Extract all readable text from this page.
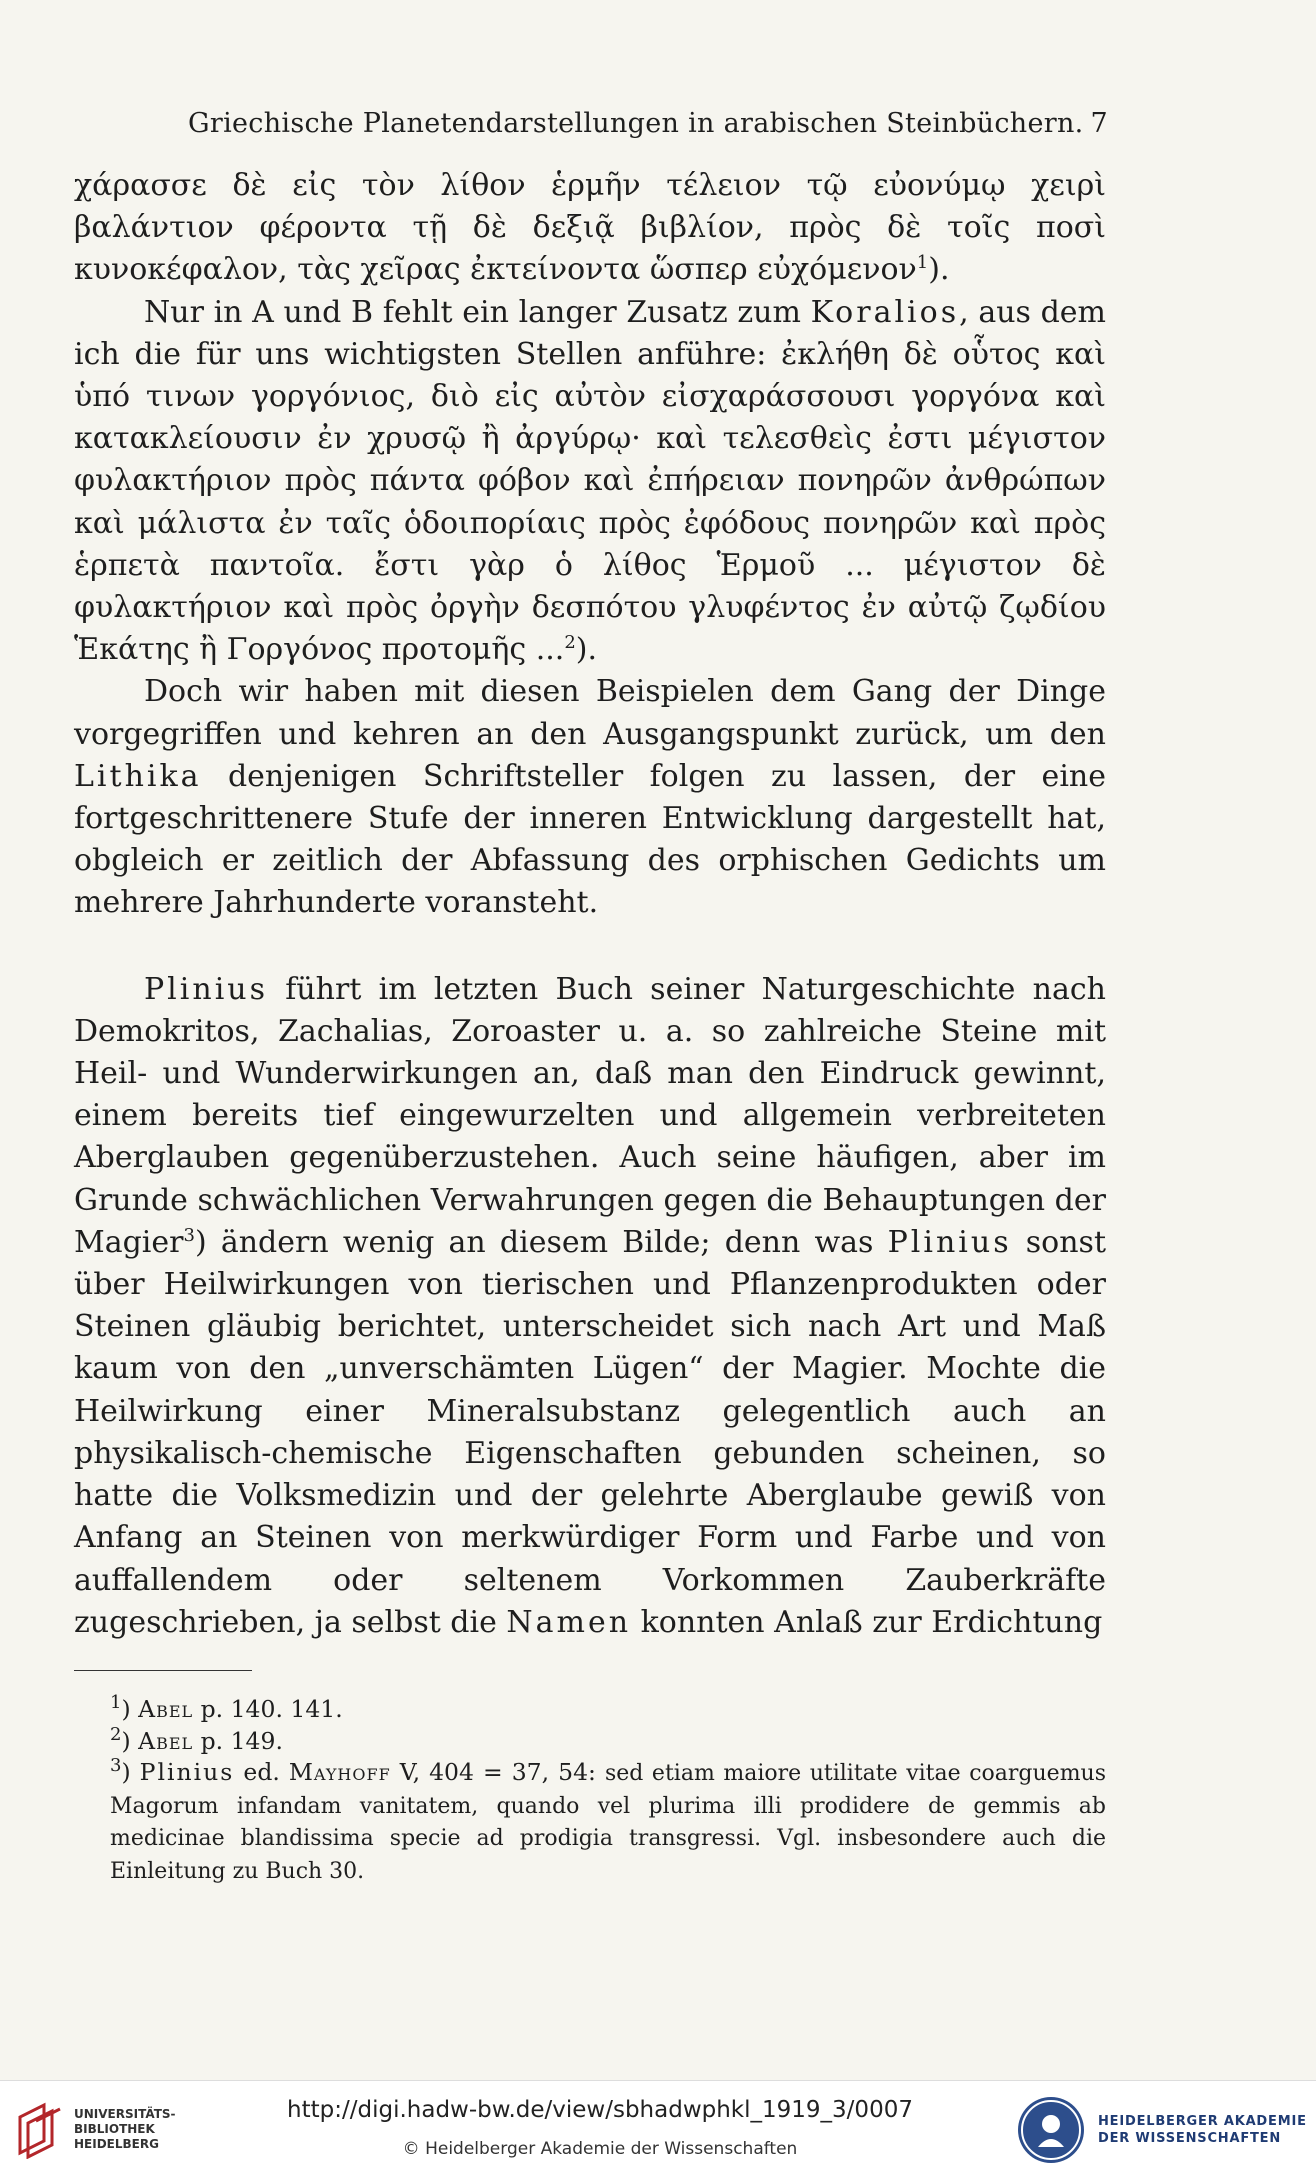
Griechische Planetendarstellungen in arabischen Steinbüchern. 7

χάρασσε δὲ εἰς τὸν λίθον ἑρμῆν τέλειον τῷ εὐονύμῳ χειρὶ βαλάντιον φέροντα τῇ δὲ δεξιᾷ βιβλίον, πρὸς δὲ τοῖς ποσὶ κυνοκέφαλον, τὰς χεῖρας ἐκτείνοντα ὥσπερ εὐχόμενον$^1$).

Nur in A und B fehlt ein langer Zusatz zum Koralios, aus dem ich die für uns wichtigsten Stellen anführe: ἐκλήθη δὲ οὗτος καὶ ὑπό τινων γοργόνιος, διὸ εἰς αὐτὸν εἰσχαράσσουσι γοργόνα καὶ κατακλείουσιν ἐν χρυσῷ ἢ ἀργύρῳ· καὶ τελεσθεὶς ἐστι μέγιστον φυλακτήριον πρὸς πάντα φόβον καὶ ἐπήρειαν πονηρῶν ἀνθρώπων καὶ μάλιστα ἐν ταῖς ὁδοιπορίαις πρὸς ἐφόδους πονηρῶν καὶ πρὸς ἑρπετὰ παντοῖα. ἔστι γὰρ ὁ λίθος Ἑρμοῦ ... μέγιστον δὲ φυλακτήριον καὶ πρὸς ὀργὴν δεσπότου γλυφέντος ἐν αὐτῷ ζῳδίου Ἑκάτης ἢ Γοργόνος προτομῆς ...$^2$).

Doch wir haben mit diesen Beispielen dem Gang der Dinge vorgegriffen und kehren an den Ausgangspunkt zurück, um den Lithika denjenigen Schriftsteller folgen zu lassen, der eine fortgeschrittenere Stufe der inneren Entwicklung dargestellt hat, obgleich er zeitlich der Abfassung des orphischen Gedichts um mehrere Jahrhunderte voransteht.

Plinius führt im letzten Buch seiner Naturgeschichte nach Demokritos, Zachalias, Zoroaster u. a. so zahlreiche Steine mit Heil- und Wunderwirkungen an, daß man den Eindruck gewinnt, einem bereits tief eingewurzelten und allgemein verbreiteten Aberglauben gegenüberzustehen. Auch seine häufigen, aber im Grunde schwächlichen Verwahrungen gegen die Behauptungen der Magier$^3$) ändern wenig an diesem Bilde; denn was Plinius sonst über Heilwirkungen von tierischen und Pflanzenprodukten oder Steinen gläubig berichtet, unterscheidet sich nach Art und Maß kaum von den „unverschämten Lügen“ der Magier. Mochte die Heilwirkung einer Mineralsubstanz gelegentlich auch an physikalisch-chemische Eigenschaften gebunden scheinen, so hatte die Volksmedizin und der gelehrte Aberglaube gewiß von Anfang an Steinen von merkwürdiger Form und Farbe und von auffallendem oder seltenem Vorkommen Zauberkräfte zugeschrieben, ja selbst die Namen konnten Anlaß zur Erdichtung

$^1$) Abel p. 140. 141.

$^2$) Abel p. 149.

$^3$) Plinius ed. Mayhoff V, 404 = 37, 54: sed etiam maiore utilitate vitae coarguemus Magorum infandam vanitatem, quando vel plurima illi prodidere de gemmis ab medicinae blandissima specie ad prodigia transgressi. Vgl. insbesondere auch die Einleitung zu Buch 30.

UNIVERSITÄTS-
BIBLIOTHEK
HEIDELBERG
http://digi.hadw-bw.de/view/sbhadwphkl_1919_3/0007
© Heidelberger Akademie der Wissenschaften
HEIDELBERGER AKADEMIE
DER WISSENSCHAFTEN
